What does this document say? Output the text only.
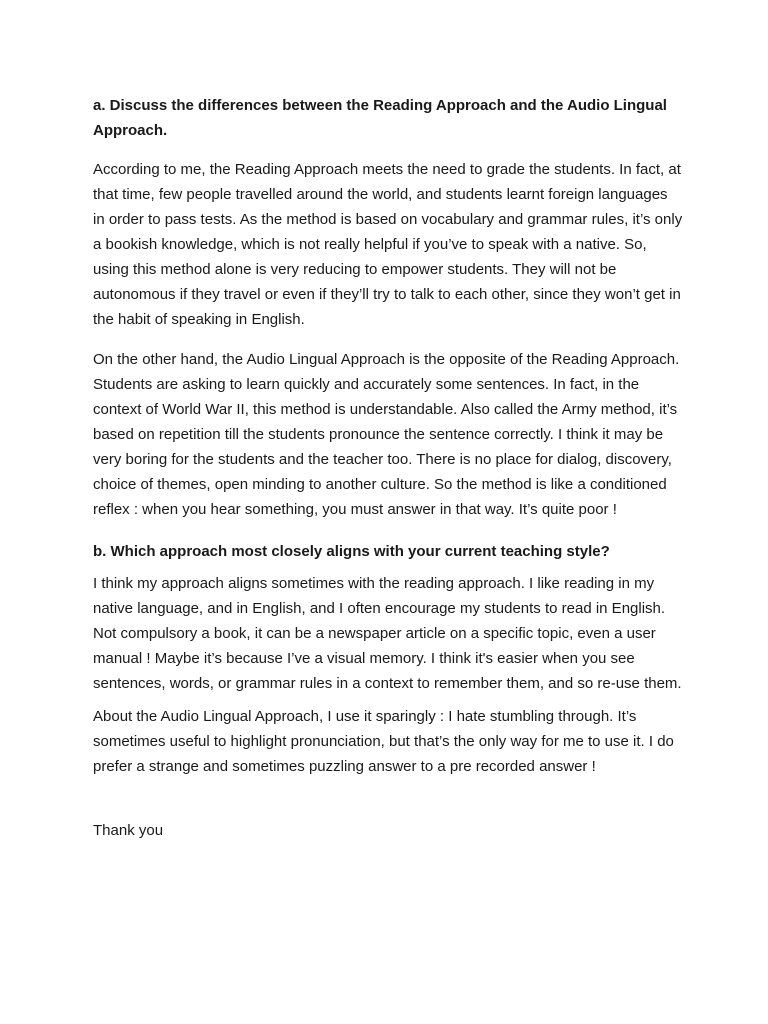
a. Discuss the differences between the Reading Approach and the Audio Lingual Approach.

According to me, the Reading Approach meets the need to grade the students. In fact, at that time, few people travelled around the world, and students learnt foreign languages in order to pass tests. As the method is based on vocabulary and grammar rules, it’s only a bookish knowledge, which is not really helpful if you’ve to speak with a native. So, using this method alone is very reducing to empower students. They will not be autonomous if they travel or even if they’ll try to talk to each other, since they won’t get in the habit of speaking in English.

On the other hand, the Audio Lingual Approach is the opposite of the Reading Approach. Students are asking to learn quickly and accurately some sentences. In fact, in the context of World War II, this method is understandable. Also called the Army method, it’s based on repetition till the students pronounce the sentence correctly. I think it may be very boring for the students and the teacher too. There is no place for dialog, discovery, choice of themes, open minding to another culture. So the method is like a conditioned reflex : when you hear something, you must answer in that way. It’s quite poor !

b. Which approach most closely aligns with your current teaching style?

I think my approach aligns sometimes with the reading approach. I like reading in my native language, and in English, and I often encourage my students to read in English. Not compulsory a book, it can be a newspaper article on a specific topic, even a user manual ! Maybe it’s because I’ve a visual memory. I think it's easier when you see sentences, words, or grammar rules in a context to remember them, and so re-use them.

About the Audio Lingual Approach, I use it sparingly : I hate stumbling through. It’s sometimes useful to highlight pronunciation, but that’s the only way for me to use it. I do prefer a strange and sometimes puzzling answer to a pre recorded answer !

Thank you
